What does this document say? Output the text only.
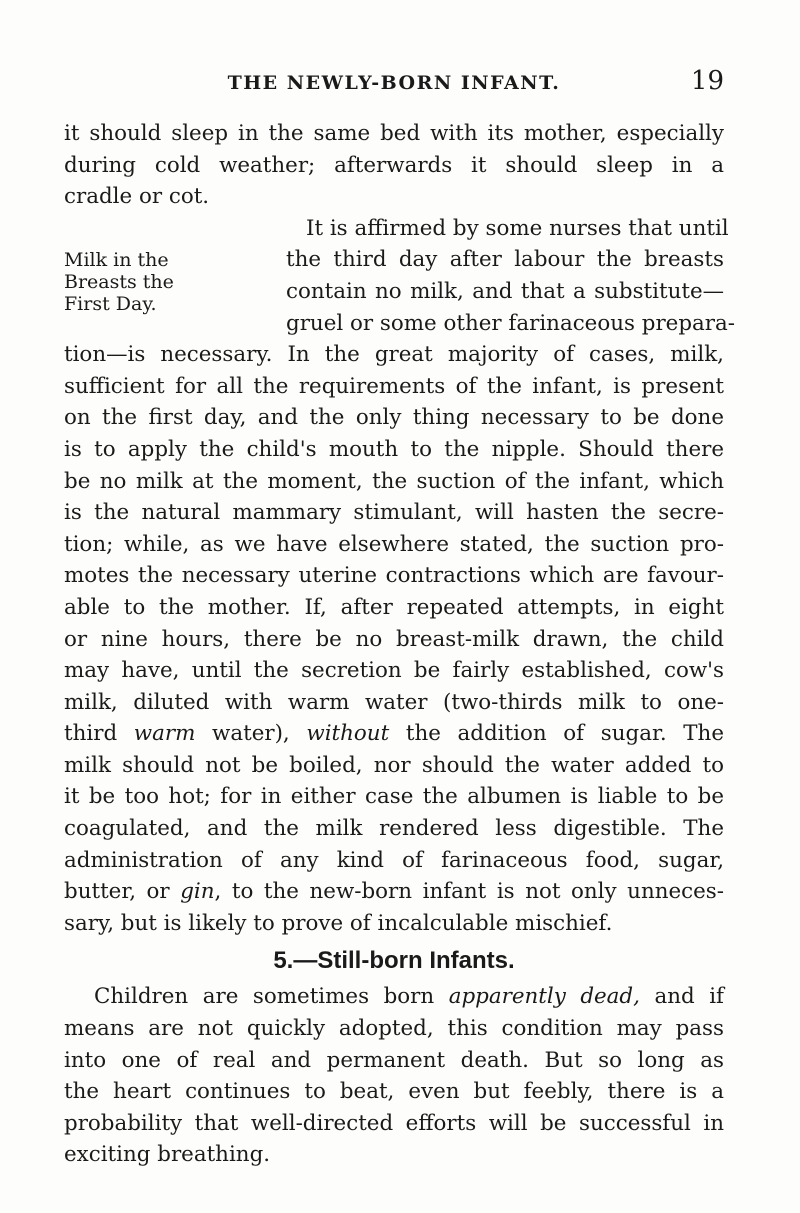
THE NEWLY-BORN INFANT.	19

it should sleep in the same bed with its mother, especially
during cold weather; afterwards it should sleep in a
cradle or cot.

Milk in the
Breasts the
First Day.

It is affirmed by some nurses that until
the third day after labour the breasts
contain no milk, and that a substitute—
gruel or some other farinaceous prepara-
tion—is necessary. In the great majority of cases, milk,
sufficient for all the requirements of the infant, is present
on the first day, and the only thing necessary to be done
is to apply the child's mouth to the nipple. Should there
be no milk at the moment, the suction of the infant, which
is the natural mammary stimulant, will hasten the secre-
tion; while, as we have elsewhere stated, the suction pro-
motes the necessary uterine contractions which are favour-
able to the mother. If, after repeated attempts, in eight
or nine hours, there be no breast-milk drawn, the child
may have, until the secretion be fairly established, cow's
milk, diluted with warm water (two-thirds milk to one-
third warm water), without the addition of sugar. The
milk should not be boiled, nor should the water added to
it be too hot; for in either case the albumen is liable to be
coagulated, and the milk rendered less digestible. The
administration of any kind of farinaceous food, sugar,
butter, or gin, to the new-born infant is not only unneces-
sary, but is likely to prove of incalculable mischief.

5.—Still-born Infants.

Children are sometimes born apparently dead, and if
means are not quickly adopted, this condition may pass
into one of real and permanent death. But so long as
the heart continues to beat, even but feebly, there is a
probability that well-directed efforts will be successful in
exciting breathing.
